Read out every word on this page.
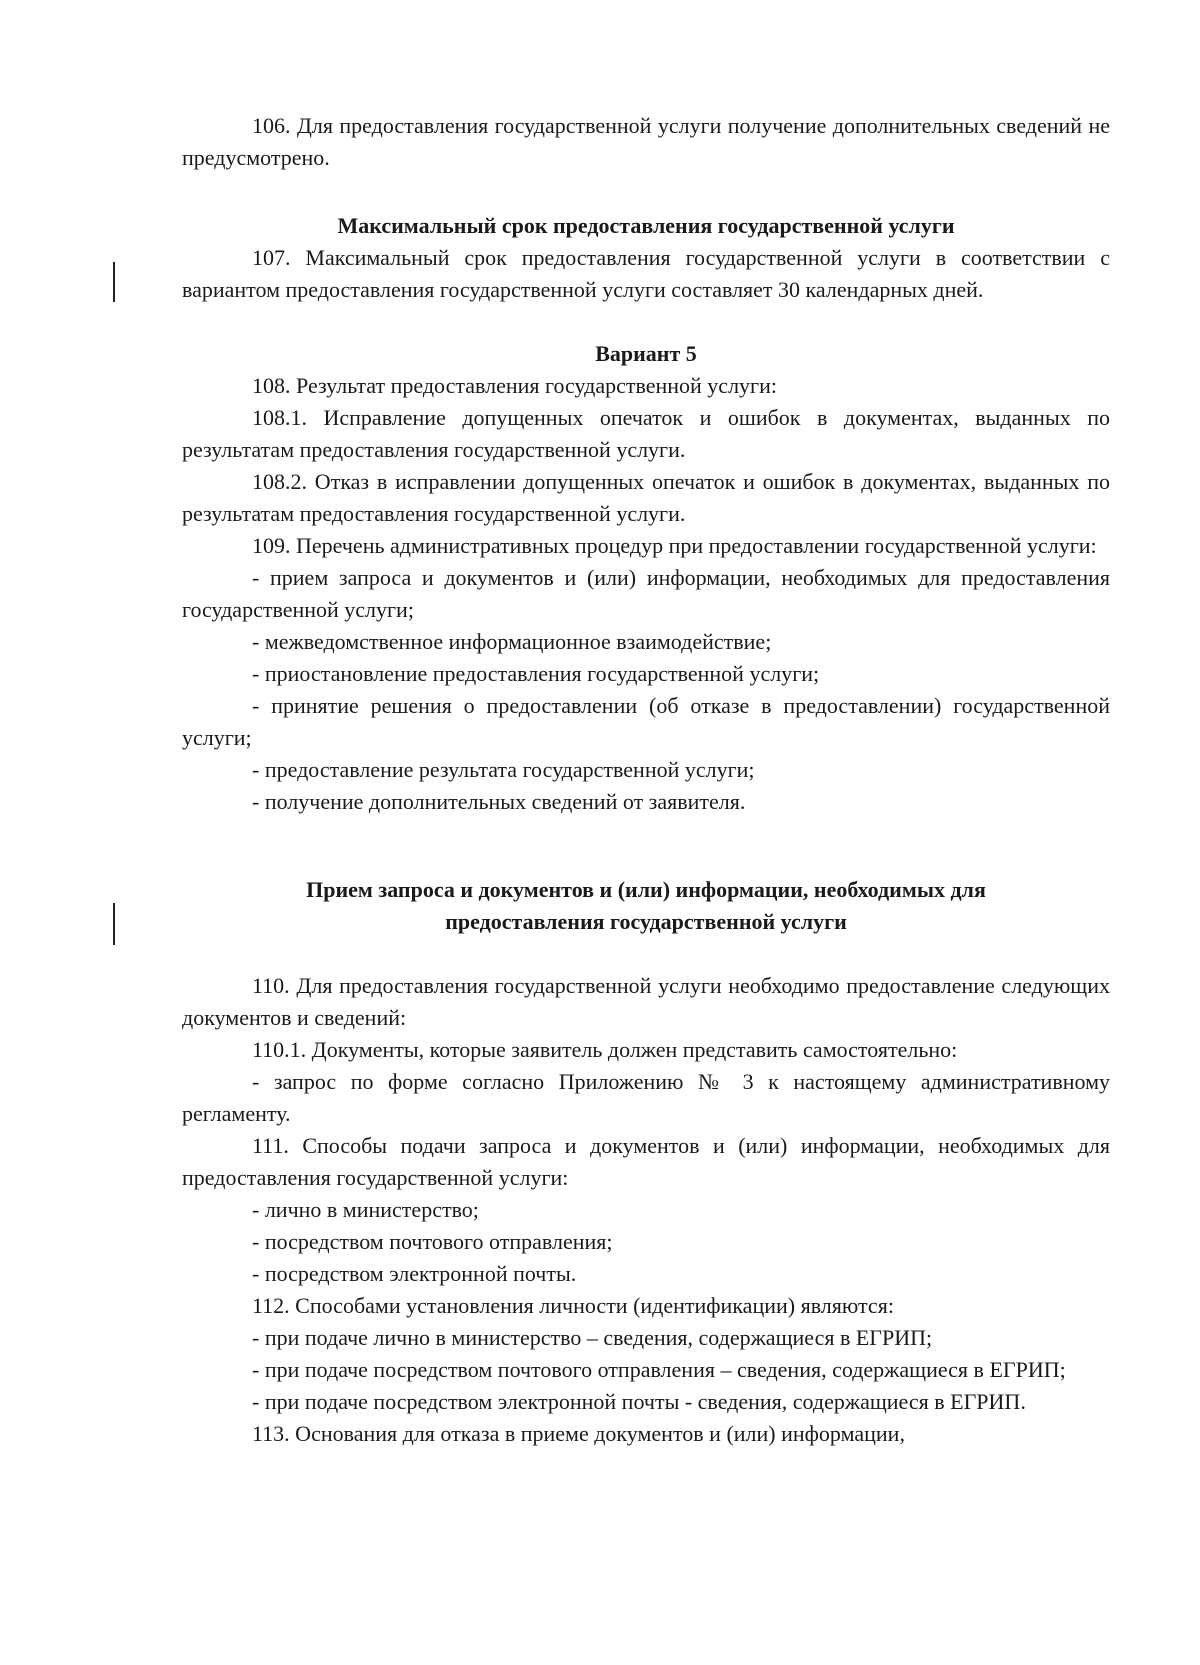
106. Для предоставления государственной услуги получение дополнительных сведений не предусмотрено.

Максимальный срок предоставления государственной услуги

107. Максимальный срок предоставления государственной услуги в соответствии с вариантом предоставления государственной услуги составляет 30 календарных дней.

Вариант 5

108. Результат предоставления государственной услуги:

108.1. Исправление допущенных опечаток и ошибок в документах, выданных по результатам предоставления государственной услуги.

108.2. Отказ в исправлении допущенных опечаток и ошибок в документах, выданных по результатам предоставления государственной услуги.

109. Перечень административных процедур при предоставлении государственной услуги:

- прием запроса и документов и (или) информации, необходимых для предоставления государственной услуги;

- межведомственное информационное взаимодействие;

- приостановление предоставления государственной услуги;

- принятие решения о предоставлении (об отказе в предоставлении) государственной услуги;

- предоставление результата государственной услуги;

- получение дополнительных сведений от заявителя.

Прием запроса и документов и (или) информации, необходимых для

предоставления государственной услуги

110. Для предоставления государственной услуги необходимо предоставление следующих документов и сведений:

110.1. Документы, которые заявитель должен представить самостоятельно:

- запрос по форме согласно Приложению № 3 к настоящему административному регламенту.

111. Способы подачи запроса и документов и (или) информации, необходимых для предоставления государственной услуги:

- лично в министерство;

- посредством почтового отправления;

- посредством электронной почты.

112. Способами установления личности (идентификации) являются:

- при подаче лично в министерство – сведения, содержащиеся в ЕГРИП;

- при подаче посредством почтового отправления – сведения, содержащиеся в ЕГРИП;

- при подаче посредством электронной почты - сведения, содержащиеся в ЕГРИП.

113. Основания для отказа в приеме документов и (или) информации,
